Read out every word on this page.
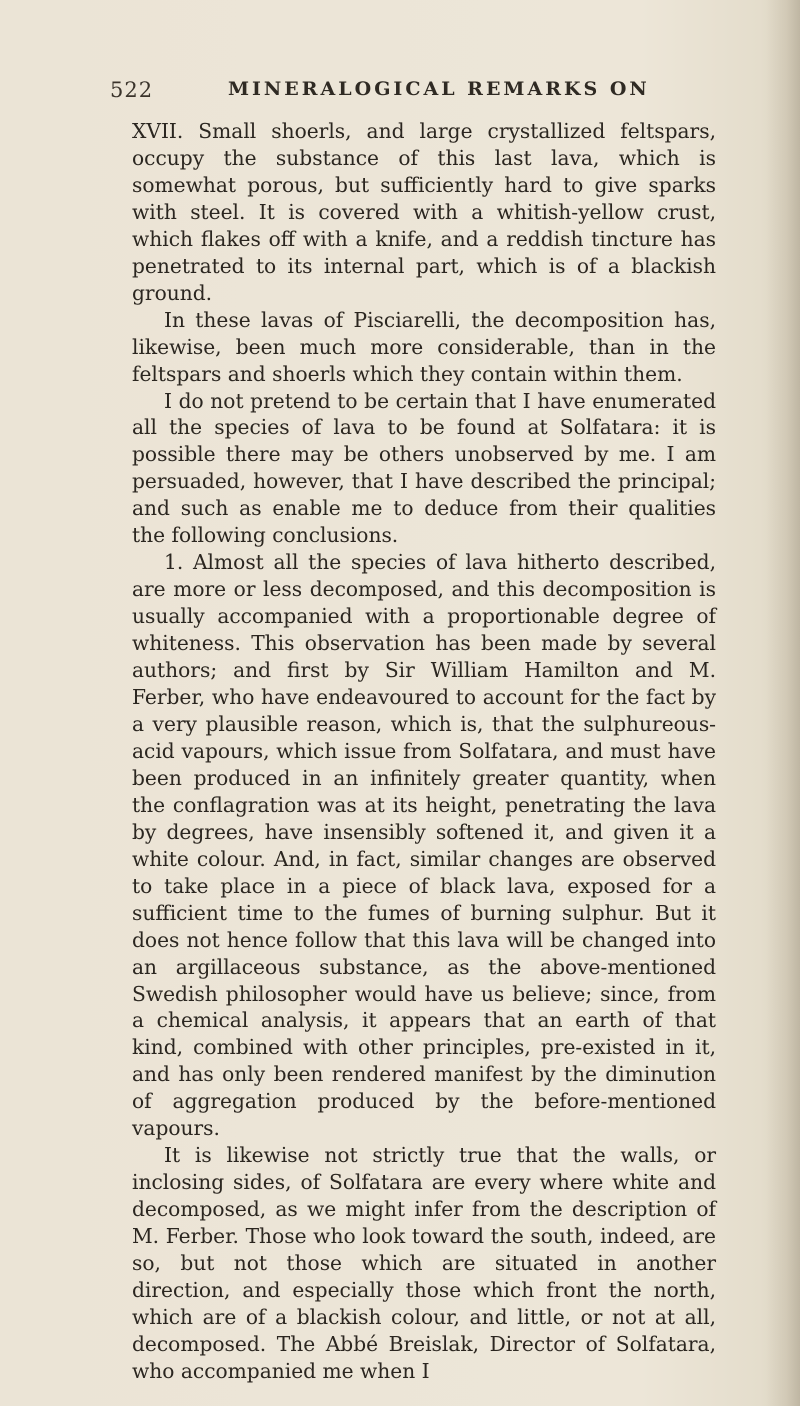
522	MINERALOGICAL REMARKS ON

XVII. Small shoerls, and large crystallized feltspars, occupy the substance of this last lava, which is somewhat porous, but sufficiently hard to give sparks with steel. It is covered with a whitish-yellow crust, which flakes off with a knife, and a reddish tincture has penetrated to its internal part, which is of a blackish ground.

In these lavas of Pisciarelli, the decomposition has, likewise, been much more considerable, than in the feltspars and shoerls which they contain within them.

I do not pretend to be certain that I have enumerated all the species of lava to be found at Solfatara: it is possible there may be others unobserved by me. I am persuaded, however, that I have described the principal; and such as enable me to deduce from their qualities the following conclusions.

1. Almost all the species of lava hitherto described, are more or less decomposed, and this decomposition is usually accompanied with a proportionable degree of whiteness. This observation has been made by several authors; and first by Sir William Hamilton and M. Ferber, who have endeavoured to account for the fact by a very plausible reason, which is, that the sulphureous-acid vapours, which issue from Solfatara, and must have been produced in an infinitely greater quantity, when the conflagration was at its height, penetrating the lava by degrees, have insensibly softened it, and given it a white colour. And, in fact, similar changes are observed to take place in a piece of black lava, exposed for a sufficient time to the fumes of burning sulphur. But it does not hence follow that this lava will be changed into an argillaceous substance, as the above-mentioned Swedish philosopher would have us believe; since, from a chemical analysis, it appears that an earth of that kind, combined with other principles, pre-existed in it, and has only been rendered manifest by the diminution of aggregation produced by the before-mentioned vapours.

It is likewise not strictly true that the walls, or inclosing sides, of Solfatara are every where white and decomposed, as we might infer from the description of M. Ferber. Those who look toward the south, indeed, are so, but not those which are situated in another direction, and especially those which front the north, which are of a blackish colour, and little, or not at all, decomposed. The Abbé Breislak, Director of Solfatara, who accompanied me when I
